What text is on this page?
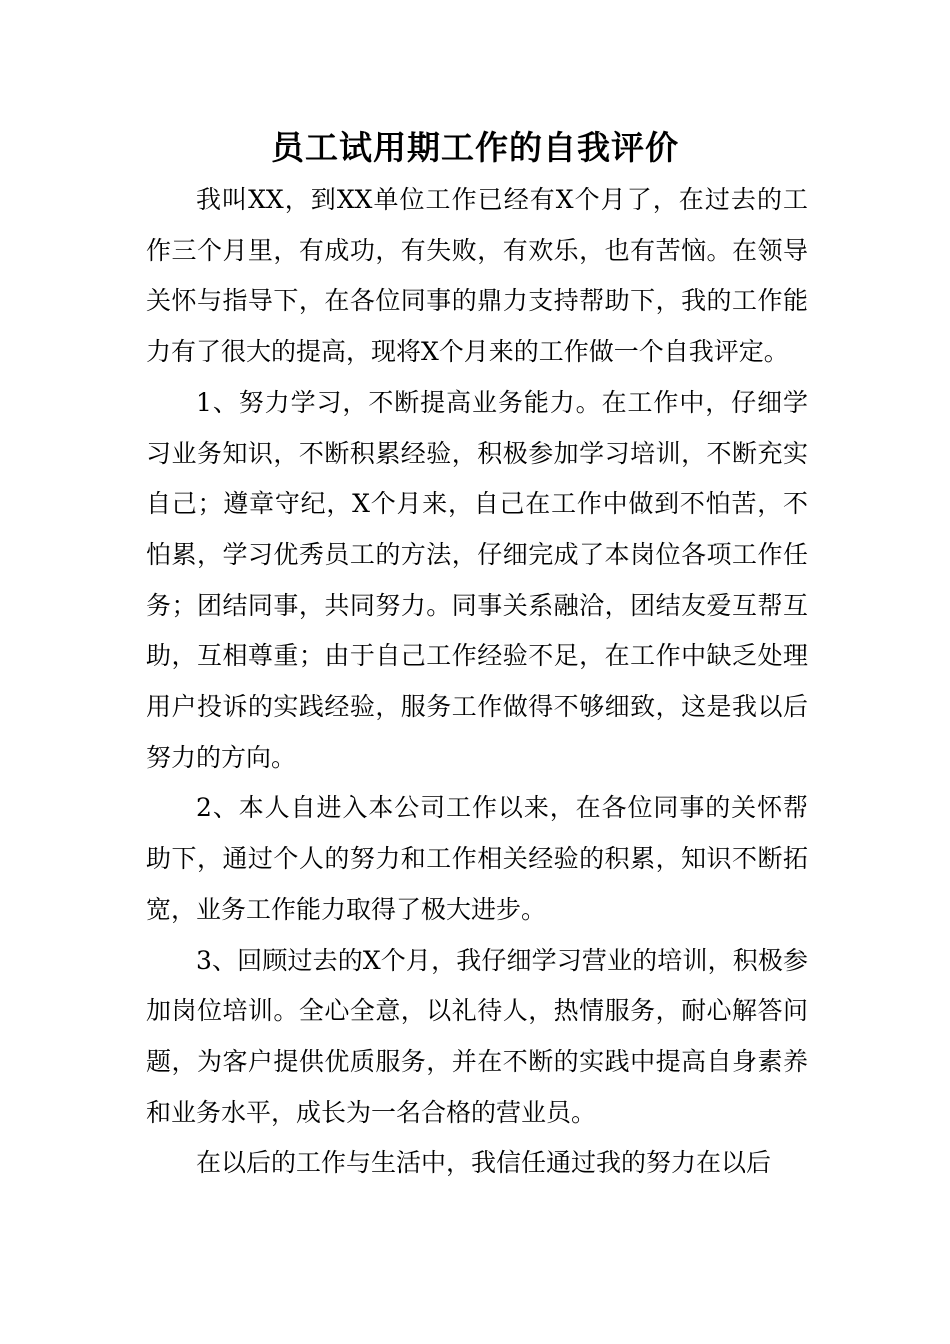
员工试用期工作的自我评价

我叫XX，到XX单位工作已经有X个月了，在过去的工作三个月里，有成功，有失败，有欢乐，也有苦恼。在领导关怀与指导下，在各位同事的鼎力支持帮助下，我的工作能力有了很大的提高，现将X个月来的工作做一个自我评定。

1、努力学习，不断提高业务能力。在工作中，仔细学习业务知识，不断积累经验，积极参加学习培训，不断充实自己；遵章守纪，X个月来，自己在工作中做到不怕苦，不怕累，学习优秀员工的方法，仔细完成了本岗位各项工作任务；团结同事，共同努力。同事关系融洽，团结友爱互帮互助，互相尊重；由于自己工作经验不足，在工作中缺乏处理用户投诉的实践经验，服务工作做得不够细致，这是我以后努力的方向。

2、本人自进入本公司工作以来，在各位同事的关怀帮助下，通过个人的努力和工作相关经验的积累，知识不断拓宽，业务工作能力取得了极大进步。

3、回顾过去的X个月，我仔细学习营业的培训，积极参加岗位培训。全心全意，以礼待人，热情服务，耐心解答问题，为客户提供优质服务，并在不断的实践中提高自身素养和业务水平，成长为一名合格的营业员。

在以后的工作与生活中，我信任通过我的努力在以后
